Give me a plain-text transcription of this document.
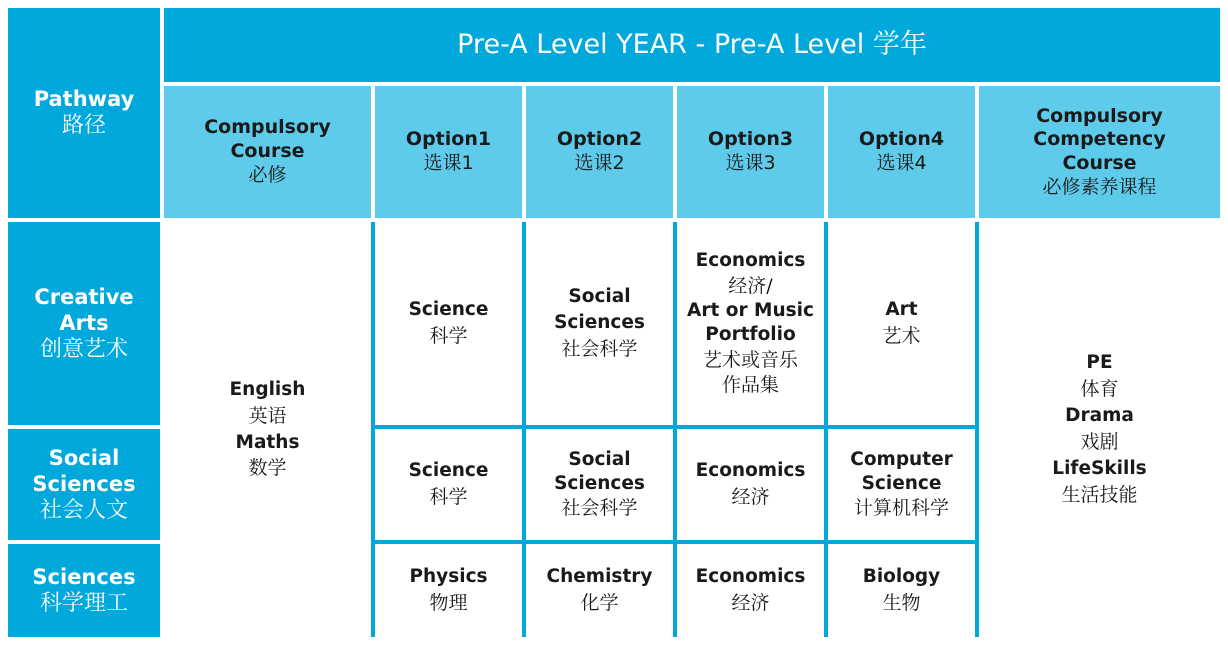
Pathway
路径
Creative
Arts
创意艺术
Social
Sciences
社会人文
Sciences
科学理工
Pre-A Level YEAR - Pre-A Level 学年
Compulsory
Course
必修
Option1
选课1
Option2
选课2
Option3
选课3
Option4
选课4
Compulsory
Competency
Course
必修素养课程
English
英语
Maths
数学
Science
科学
Social
Sciences
社会科学
Economics
经济/
Art or Music
Portfolio
艺术或音乐
作品集
Art
艺术
Science
科学
Social
Sciences
社会科学
Economics
经济
Computer
Science
计算机科学
Physics
物理
Chemistry
化学
Economics
经济
Biology
生物
PE
体育
Drama
戏剧
LifeSkills
生活技能
